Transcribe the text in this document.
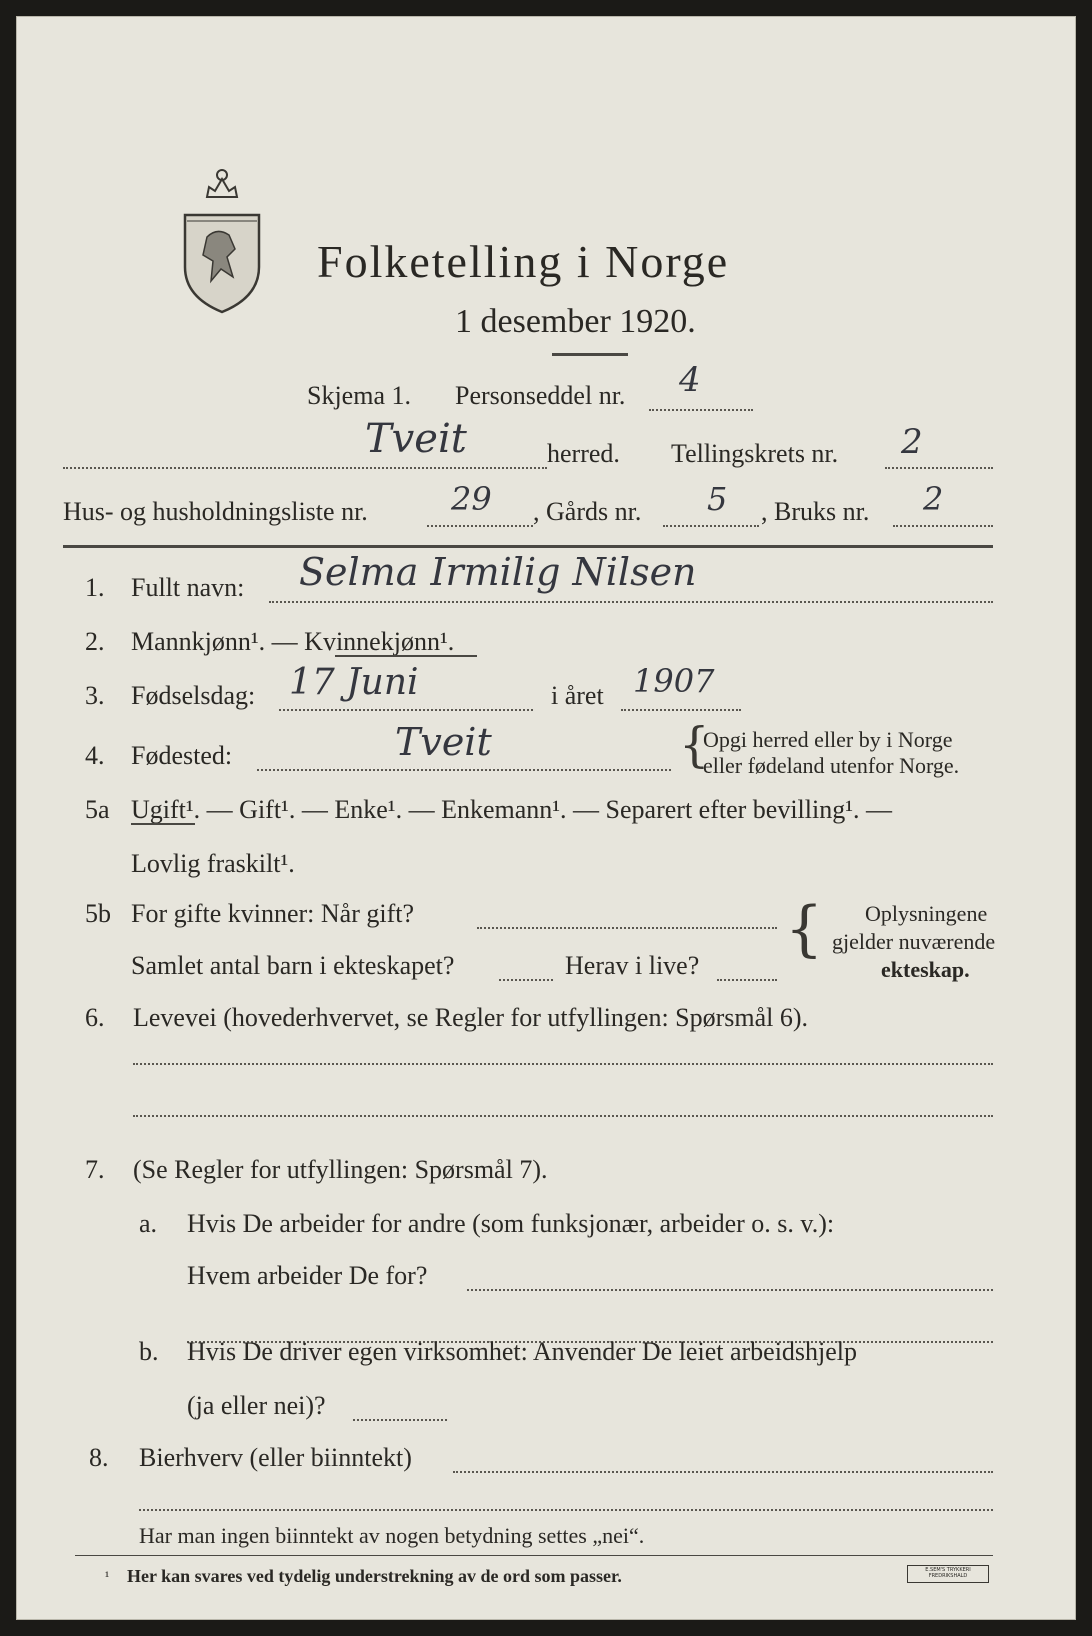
Folketelling i Norge
1 desember 1920.
Skjema 1. Personseddel nr. 4
Tveit	herred. Tellingskrets nr. 2
Hus- og husholdningsliste nr.	29 , Gårds nr. 5 , Bruks nr. 2
1. Fullt navn: Selma Irmilig Nilsen
2. Mannkjønn¹. — Kvinnekjønn¹.
3. Fødselsdag: 17 Juni	i året 1907
4. Fødested:	Tveit	{
Opgi herred eller by i Norge
eller fødeland utenfor Norge.
5a Ugift¹. — Gift¹. — Enke¹. — Enkemann¹. — Separert efter bevilling¹. —
Lovlig fraskilt¹.
5b For gifte kvinner: Når gift?
Samlet antal barn i ekteskapet?	Herav i live?
{ Oplysningene
gjelder nuværende
ekteskap.
6. Levevei (hovederhvervet, se Regler for utfyllingen: Spørsmål 6).
7. (Se Regler for utfyllingen: Spørsmål 7).
a. Hvis De arbeider for andre (som funksjonær, arbeider o. s. v.):
Hvem arbeider De for?
b. Hvis De driver egen virksomhet: Anvender De leiet arbeidshjelp
(ja eller nei)?
8. Bierhverv (eller biinntekt)
Har man ingen biinntekt av nogen betydning settes „nei“.
¹ Her kan svares ved tydelig understrekning av de ord som passer.	E.SEM'S TRYKKERI FREDRIKSHALD
